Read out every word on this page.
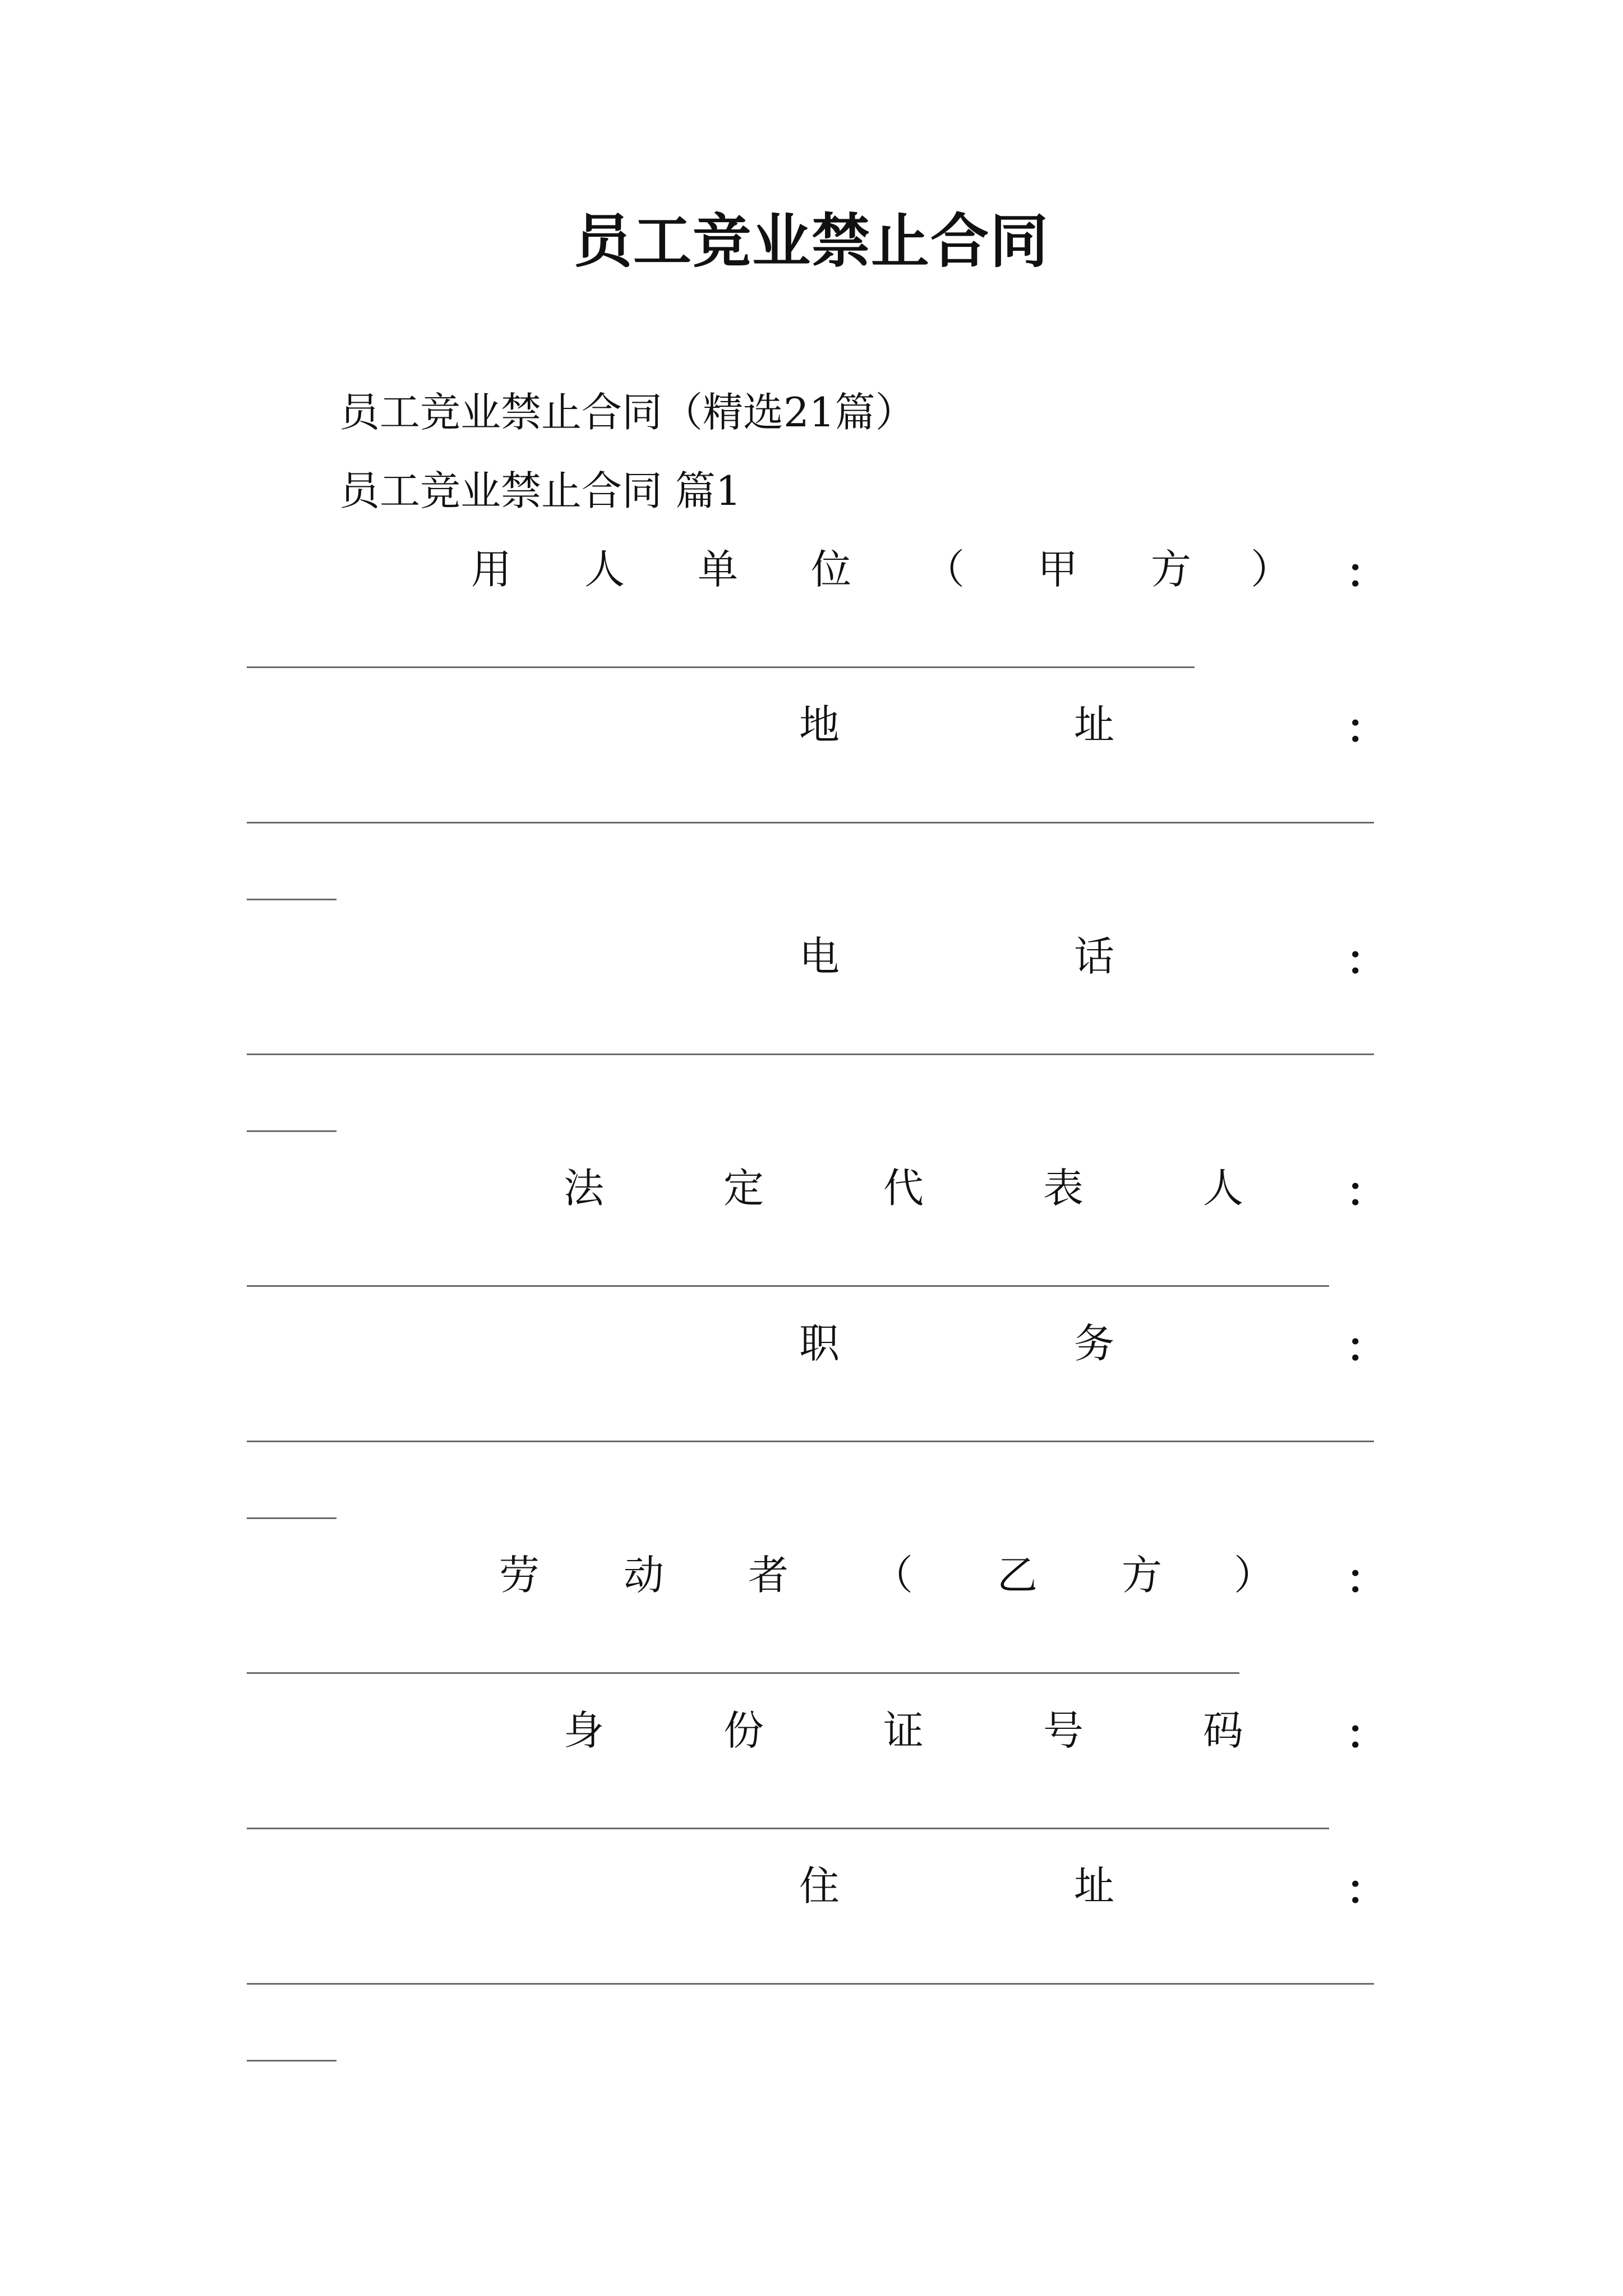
员工竞业禁止合同
员工竞业禁止合同（精选21篇）
员工竞业禁止合同 篇1
用 人 单 位 （ 甲 方 ） ：
地	址	：
电	话	：
法	定	代	表	人	：
职	务	：
劳 动 者 （ 乙 方 ） ：
身	份	证	号	码	：
住	址	：
